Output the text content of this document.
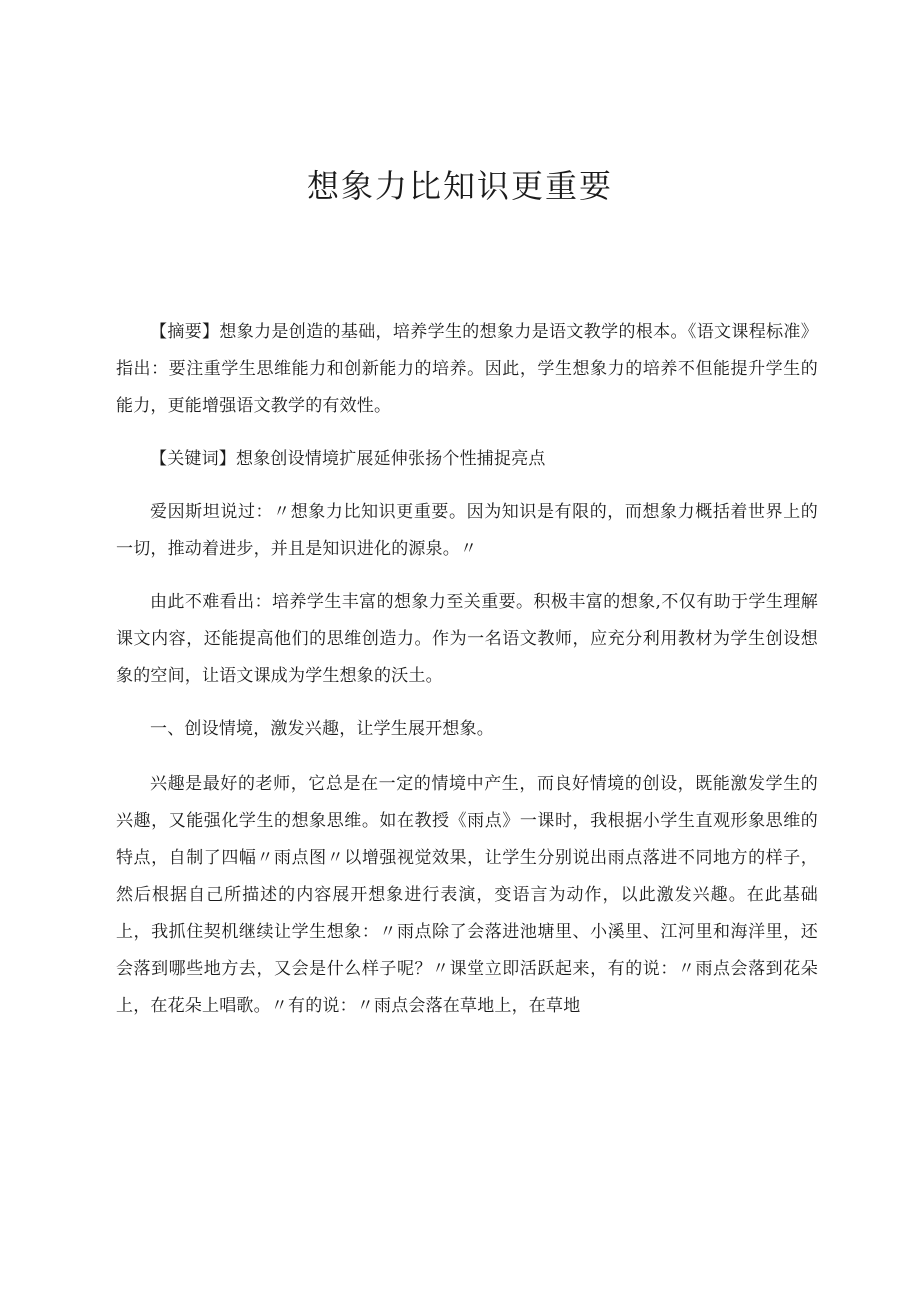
想象力比知识更重要

【摘要】想象力是创造的基础，培养学生的想象力是语文教学的根本。《语文课程标准》指出：要注重学生思维能力和创新能力的培养。因此，学生想象力的培养不但能提升学生的能力，更能增强语文教学的有效性。

【关键词】想象创设情境扩展延伸张扬个性捕捉亮点

爱因斯坦说过：〃想象力比知识更重要。因为知识是有限的，而想象力概括着世界上的一切，推动着进步，并且是知识进化的源泉。〃

由此不难看出：培养学生丰富的想象力至关重要。积极丰富的想象,不仅有助于学生理解课文内容，还能提高他们的思维创造力。作为一名语文教师，应充分利用教材为学生创设想象的空间，让语文课成为学生想象的沃土。

一、创设情境，激发兴趣，让学生展开想象。

兴趣是最好的老师，它总是在一定的情境中产生，而良好情境的创设，既能激发学生的兴趣，又能强化学生的想象思维。如在教授《雨点》一课时，我根据小学生直观形象思维的特点，自制了四幅〃雨点图〃以增强视觉效果，让学生分别说出雨点落进不同地方的样子，然后根据自己所描述的内容展开想象进行表演，变语言为动作，以此激发兴趣。在此基础上，我抓住契机继续让学生想象：〃雨点除了会落进池塘里、小溪里、江河里和海洋里，还会落到哪些地方去，又会是什么样子呢？〃课堂立即活跃起来，有的说：〃雨点会落到花朵上，在花朵上唱歌。〃有的说：〃雨点会落在草地上，在草地
